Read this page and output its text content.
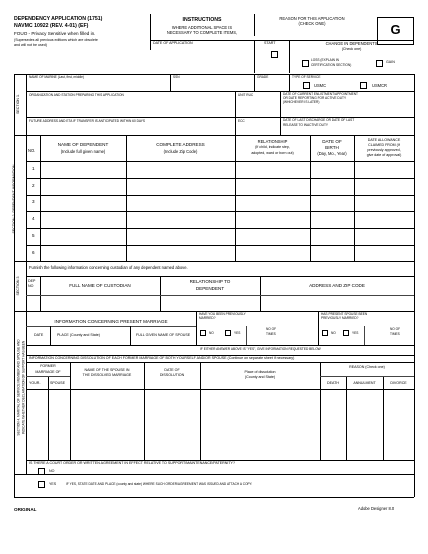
DEPENDENCY APPLICATION (1751)
NAVMC 10922 (REV. 4-01) (EF)
FOUO - Privacy Sensitive when filled in.
(Supersedes all previous editions which are obsolete
and will not be used)
INSTRUCTIONS
WHERE ADDITIONAL SPACE IS
NECESSARY TO COMPLETE ITEMS,
REASON FOR THIS APPLICATION
(CHECK ONE)	G
DATE OF APPLICATION	START	CHANGE IN DEPENDENTS
(Check one)
LOSS (EXPLAIN IN
CERTIFICATION SECTION)
GAIN
SECTION 1.
NAME OF MARINE (Last, first, middle)	SSN	GRADE	TYPE OF SERVICE
USMC	USMCR
ORGANIZATION AND STATION PREPARING THIS APPLICATION	UNIT RUC	DATE OF CURRENT ENLISTMENT/APPOINTMENT
OR DATE REPORTING FOR ACTIVE DUTY
(WHICHEVER IS LATER)
FUTURE ADDRESS AND ETA IF TRANSFER IS ANTICIPATED WITHIN 60 DAYS	ECC	DATE OF LAST DISCHARGE OR DATE OF LAST
RELEASE TO INACTIVE DUTY
SECTION 2. DEPENDENT INFORMATION
NO.
NAME OF DEPENDENT
(Include full given name)
COMPLETE ADDRESS
(Include Zip Code)
RELATIONSHIP
(If child, indicate step,
adopted, ward or born out)
DATE OF
BIRTH
(Day, Mo., Year)
DATE ALLOWANCE
CLAIMED FROM (If
previously approved,
give date of approval)
1
2
3
4
5
6
SECTION 3
Furnish the following information concerning custodian of any dependent named above.
DEP
NO	FULL NAME OF CUSTODIAN
RELATIONSHIP TO
DEPENDENT
ADDRESS AND ZIP CODE
SECTION 4. MARITAL OF SERVICE MEMBER AND SPOUSE AND INDICATE WHETHER DECLARATION OF SUPPORT HAS BEEN
INFORMATION CONCERNING PRESENT MARRIAGE
HAVE YOU BEEN PREVIOUSLY
MARRIED?
NO	YES
NO OF
TIMES
HAS PRESENT SPOUSE BEEN
PREVIOUSLY MARRIED?
NO	YES
NO OF
TIMES
DATE	PLACE (County and State)	FULL GIVEN NAME OF SPOUSE
IF EITHER ANSWER ABOVE IS "YES", GIVE INFORMATION REQUESTED BELOW
INFORMATION CONCERNING DISSOLUTION OF EACH FORMER MARRIAGE OF BOTH YOURSELF AND/OR SPOUSE (Continue on separate sheet if necessary)
FORMER
MARRIAGE OF
YOUR-	SPOUSE
NAME OF THE SPOUSE IN
THE DISSOLVED MARRIAGE
DATE OF
DISSOLUTION
Place of dissolution
(County and State)
REASON (Check one)
DEATH	ANNULMENT	DIVORCE
IS THERE A COURT ORDER OR WRITTEN AGREEMENT IN EFFECT RELATIVE TO SUPPORT/MAINTENANCE/PATERNITY?
NO
YES	IF YES, STATE DATE AND PLACE (county and state) WHERE SUCH ORDER/AGREEMENT WAS ISSUED AND ATTACH A COPY.
ORIGINAL	Adobe Designer 8.0
